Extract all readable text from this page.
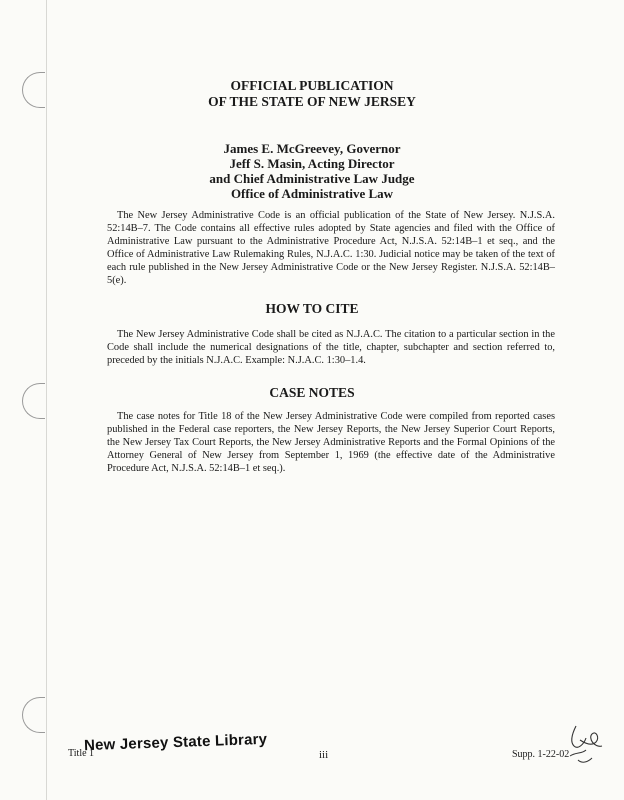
OFFICIAL PUBLICATION
OF THE STATE OF NEW JERSEY
James E. McGreevey, Governor
Jeff S. Masin, Acting Director
and Chief Administrative Law Judge
Office of Administrative Law
The New Jersey Administrative Code is an official publication of the State of New Jersey. N.J.S.A. 52:14B–7. The Code contains all effective rules adopted by State agencies and filed with the Office of Administrative Law pursuant to the Administrative Procedure Act, N.J.S.A. 52:14B–1 et seq., and the Office of Administrative Law Rulemaking Rules, N.J.A.C. 1:30. Judicial notice may be taken of the text of each rule published in the New Jersey Administrative Code or the New Jersey Register. N.J.S.A. 52:14B–5(e).
HOW TO CITE
The New Jersey Administrative Code shall be cited as N.J.A.C. The citation to a particular section in the Code shall include the numerical designations of the title, chapter, subchapter and section referred to, preceded by the initials N.J.A.C. Example: N.J.A.C. 1:30–1.4.
CASE NOTES
The case notes for Title 18 of the New Jersey Administrative Code were compiled from reported cases published in the Federal case reporters, the New Jersey Reports, the New Jersey Superior Court Reports, the New Jersey Tax Court Reports, the New Jersey Administrative Reports and the Formal Opinions of the Attorney General of New Jersey from September 1, 1969 (the effective date of the Administrative Procedure Act, N.J.S.A. 52:14B–1 et seq.).
Title 1
New Jersey State Library
iii	Supp. 1-22-02
